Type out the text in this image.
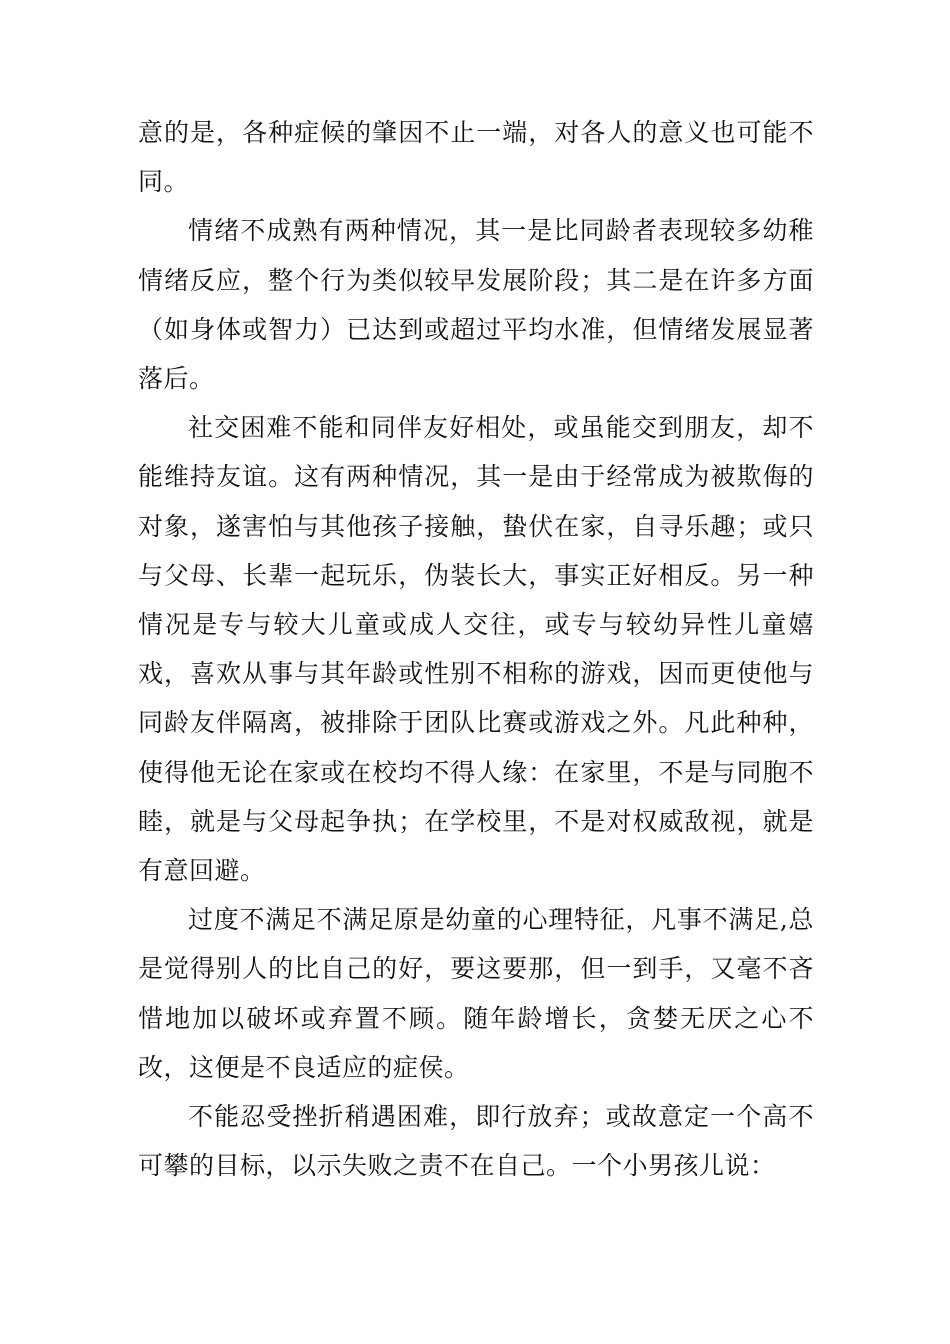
意的是，各种症候的肇因不止一端，对各人的意义也可能不同。

情绪不成熟有两种情况，其一是比同龄者表现较多幼稚情绪反应，整个行为类似较早发展阶段；其二是在许多方面（如身体或智力）已达到或超过平均水准，但情绪发展显著落后。

社交困难不能和同伴友好相处，或虽能交到朋友，却不能维持友谊。这有两种情况，其一是由于经常成为被欺侮的对象，遂害怕与其他孩子接触，蛰伏在家，自寻乐趣；或只与父母、长辈一起玩乐，伪装长大，事实正好相反。另一种情况是专与较大儿童或成人交往，或专与较幼异性儿童嬉戏，喜欢从事与其年龄或性别不相称的游戏，因而更使他与同龄友伴隔离，被排除于团队比赛或游戏之外。凡此种种，使得他无论在家或在校均不得人缘：在家里，不是与同胞不睦，就是与父母起争执；在学校里，不是对权威敌视，就是有意回避。

过度不满足不满足原是幼童的心理特征，凡事不满足,总是觉得别人的比自己的好，要这要那，但一到手，又毫不吝惜地加以破坏或弃置不顾。随年龄增长，贪婪无厌之心不改，这便是不良适应的症侯。

不能忍受挫折稍遇困难，即行放弃；或故意定一个高不可攀的目标，以示失败之责不在自己。一个小男孩儿说：
